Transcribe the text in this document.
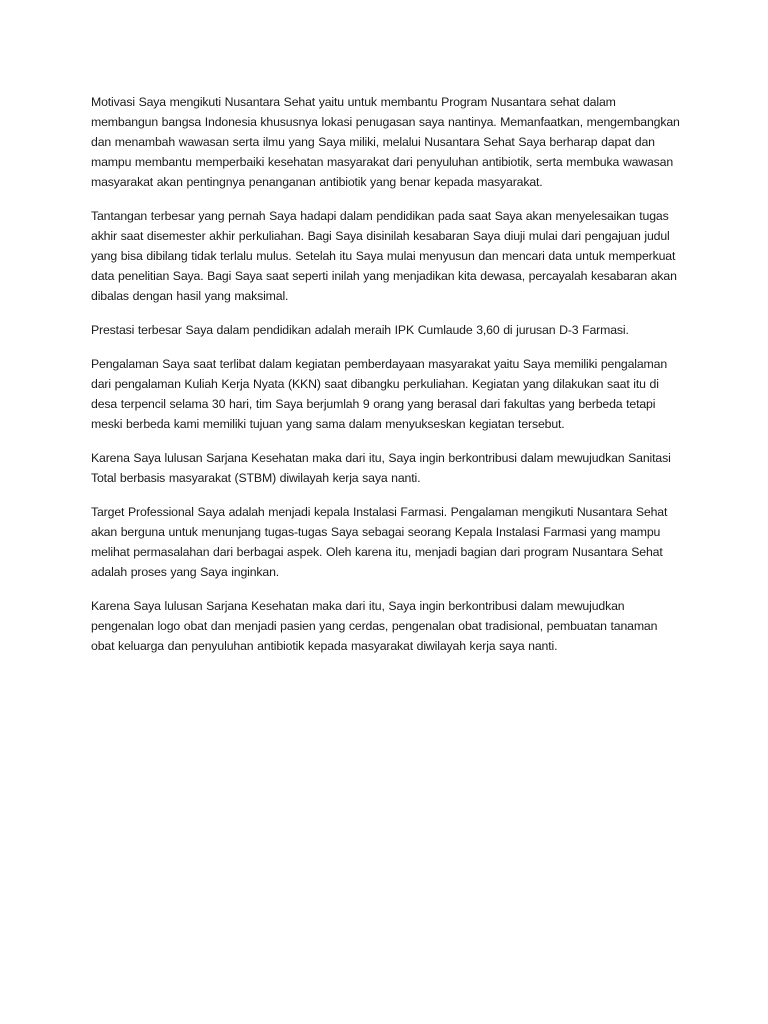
Motivasi Saya mengikuti Nusantara Sehat yaitu untuk membantu Program Nusantara sehat dalam membangun bangsa Indonesia khususnya lokasi penugasan saya nantinya. Memanfaatkan, mengembangkan dan menambah wawasan serta ilmu yang Saya miliki, melalui Nusantara Sehat Saya berharap dapat dan mampu membantu memperbaiki kesehatan masyarakat dari penyuluhan antibiotik, serta membuka wawasan masyarakat akan pentingnya penanganan antibiotik yang benar kepada masyarakat.

Tantangan terbesar yang pernah Saya hadapi dalam pendidikan pada saat Saya akan menyelesaikan tugas akhir saat disemester akhir perkuliahan. Bagi Saya disinilah kesabaran Saya diuji mulai dari pengajuan judul yang bisa dibilang tidak terlalu mulus. Setelah itu Saya mulai menyusun dan mencari data untuk memperkuat data penelitian Saya. Bagi Saya saat seperti inilah yang menjadikan kita dewasa, percayalah kesabaran akan dibalas dengan hasil yang maksimal.

Prestasi terbesar Saya dalam pendidikan adalah meraih IPK Cumlaude 3,60 di jurusan D-3 Farmasi.

Pengalaman Saya saat terlibat dalam kegiatan pemberdayaan masyarakat yaitu Saya memiliki pengalaman dari pengalaman Kuliah Kerja Nyata (KKN) saat dibangku perkuliahan. Kegiatan yang dilakukan saat itu di desa terpencil selama 30 hari, tim Saya berjumlah 9 orang yang berasal dari fakultas yang berbeda tetapi meski berbeda kami memiliki tujuan yang sama dalam menyukseskan kegiatan tersebut.

Karena Saya lulusan Sarjana Kesehatan maka dari itu, Saya ingin berkontribusi dalam mewujudkan Sanitasi Total berbasis masyarakat (STBM) diwilayah kerja saya nanti.

Target Professional Saya adalah menjadi kepala Instalasi Farmasi. Pengalaman mengikuti Nusantara Sehat akan berguna untuk menunjang tugas-tugas Saya sebagai seorang Kepala Instalasi Farmasi yang mampu melihat permasalahan dari berbagai aspek. Oleh karena itu, menjadi bagian dari program Nusantara Sehat adalah proses yang Saya inginkan.

Karena Saya lulusan Sarjana Kesehatan maka dari itu, Saya ingin berkontribusi dalam mewujudkan pengenalan logo obat dan menjadi pasien yang cerdas, pengenalan obat tradisional, pembuatan tanaman obat keluarga dan penyuluhan antibiotik kepada masyarakat diwilayah kerja saya nanti.
